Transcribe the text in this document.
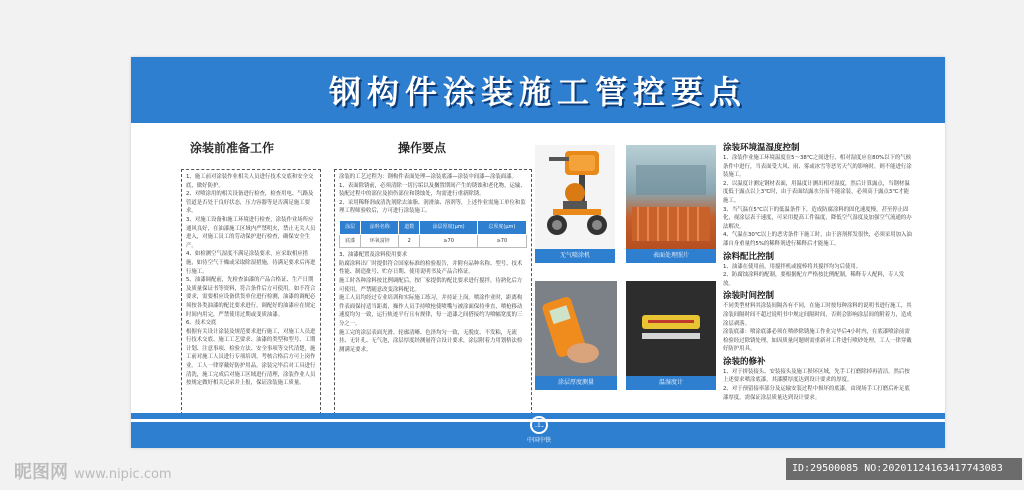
钢构件涂装施工管控要点
涂装前准备工作

1、施工前对涂装作业相关人员进行技术交底和安全交底，做好防护。

2、对喷涂用的相关设备进行检查，检查用电、气路及管道是否处于良好状态，压力容器等是否满足施工要求。

3、对施工设备和施工环境进行检查，涂装作业场所应通风良好，在油漆施工区域内严禁明火，禁止无关人员进入，对施工员工的劳动保护进行检查，确保安全生产。

4、如检测空气湿度不满足涂装要求，应采取相应措施，如待空气干燥或采取除湿措施，待满足要求后再进行施工。

5、油漆调配前，先检查油漆的产品合格证、生产日期及质量保证书等资料，符合条件后方可使用。如不符合要求，需要相应设备供货单位进行检测，油漆的调配必须按各类油漆的配比要求进行，调配好的油漆应在规定时间内用完，严禁使用过期或变质油漆。

6、技术交底

根据有关设计涂装及规范要求进行施工，对施工人员进行技术交底、施工工艺要求、油漆的类型和型号、工期计划、注意事项、检验方法、安全事项等交代清楚，施工前对施工人员进行专项培训，考核合格后方可上岗作业。工人一律穿戴好防护用品，涂装完毕后对工具进行清洗，施工完成后对施工区域进行清理，涂装作业人员按规定做好相关记录并上报，保证涂装施工质量。

操作要点

涂装的工艺过程为：钢构件表面处理—涂装底漆—涂装中间漆—涂装面漆。

1、表面除锈前，必须清除一切污垢以及搁置期间产生的锈蚀和老化物，运输、装配过程中的部位及损伤部位和锈蚀处，均需进行重新除锈。

2、采用稀释剂或清洗剂除去油脂、润滑油、溶剂等，上述作业需施工单位和监理工程师验收后，方可进行涂装施工。

涂层	涂料名称	道数	涂层厚度(μm)	总厚度(μm)
底漆	环氧富锌	2	≥70	≥70

3、油漆配置及涂料使用要求

防腐涂料出厂时提供符合国家标准的检验报告，并附有品种名称、型号、技术性能、制造批号、贮存日期、使用说明书及产品合格证。

施工时各种涂料按比例调配后，按厂家提供的配比要求进行搅拌，待熟化后方可使用，严禁随意改变涂料配比。

施工人员均经过专业培训和实际施工练习，并持证上岗。喷涂作业时，距离构件表面保持适当距离，操作人员手持喷枪使喷嘴与被涂面保持垂直，喷枪移动速度均匀一致，运行轨迹平行且有规律，每一道漆之间搭接约为喷幅宽度的三分之一。

施工完的涂层表面光滑、轮廓清晰、色泽均匀一致，无脱皮、不发粘，无流挂、无针孔、无气泡，涂层厚度经测量符合设计要求，涂层附着力用划格法检测满足要求。

无气喷涂机	表面处理照片
涂层厚度测量	温湿度计
涂装环境温湿度控制

1、涂装作业施工环境温度在5～38℃之间进行，相对湿度应在80%以下的气候条件中进行，当表面受大风、雨、雾或冰雪等恶劣天气的影响时，则不能进行涂装施工。

2、以温度计测定钢材表面，用温度计测出相对湿度，然后计算露点，当钢材温度低于露点以上3℃时，由于表面结露水分而不能涂装，必须高于露点3℃才能施工。

3、当气温在5℃以下的低温条件下，造成防腐涂料的固化速度慢，甚至停止固化，视涂层表干速度，可采用提高工件温度，降低空气湿度及加强空气流通的办法解决。

4、气温在30℃以上的恶劣条件下施工时，由于溶剂挥发很快，必须采用加入油漆自身重量约5%的稀释剂进行稀释后才能施工。

涂料配比控制

1、油漆在使用前，用搅拌机或搅棒将其搅拌均匀后使用。

2、防腐蚀涂料的配制，要根据配方严格按比例配制，稀释专人配料，专人发放。

涂装时间控制

不同类型材料其涂装间隔各有不同，在施工时按每种涂料的说明书进行施工，其涂装间隔时间不超过说明书中规定间隔时间，否则会影响涂层间的附着力，造成涂层剥落。

涂装底漆：喷涂底漆必须在喷砂除锈施工作业完毕后4小时内，在底漆喷涂前需检验经过除锈处理，如因质量问题则需重新对工件进行喷砂处理，工人一律穿戴好防护用具。

涂装的修补

1、对于拼装接头、安装接头及施工损坏区域，先手工打磨除掉再清洁，然后按上述要求喷涂底漆，其漆膜厚度达到设计要求的厚度。

2、对于预留接率部分及运输安装过程中损坏的底漆，由现场手工打磨后补足底漆厚度，需保证涂层质量达到设计要求。

工
中国中铁
昵图网 www.nipic.com	ID:29500085 NO:20201124163417743083
